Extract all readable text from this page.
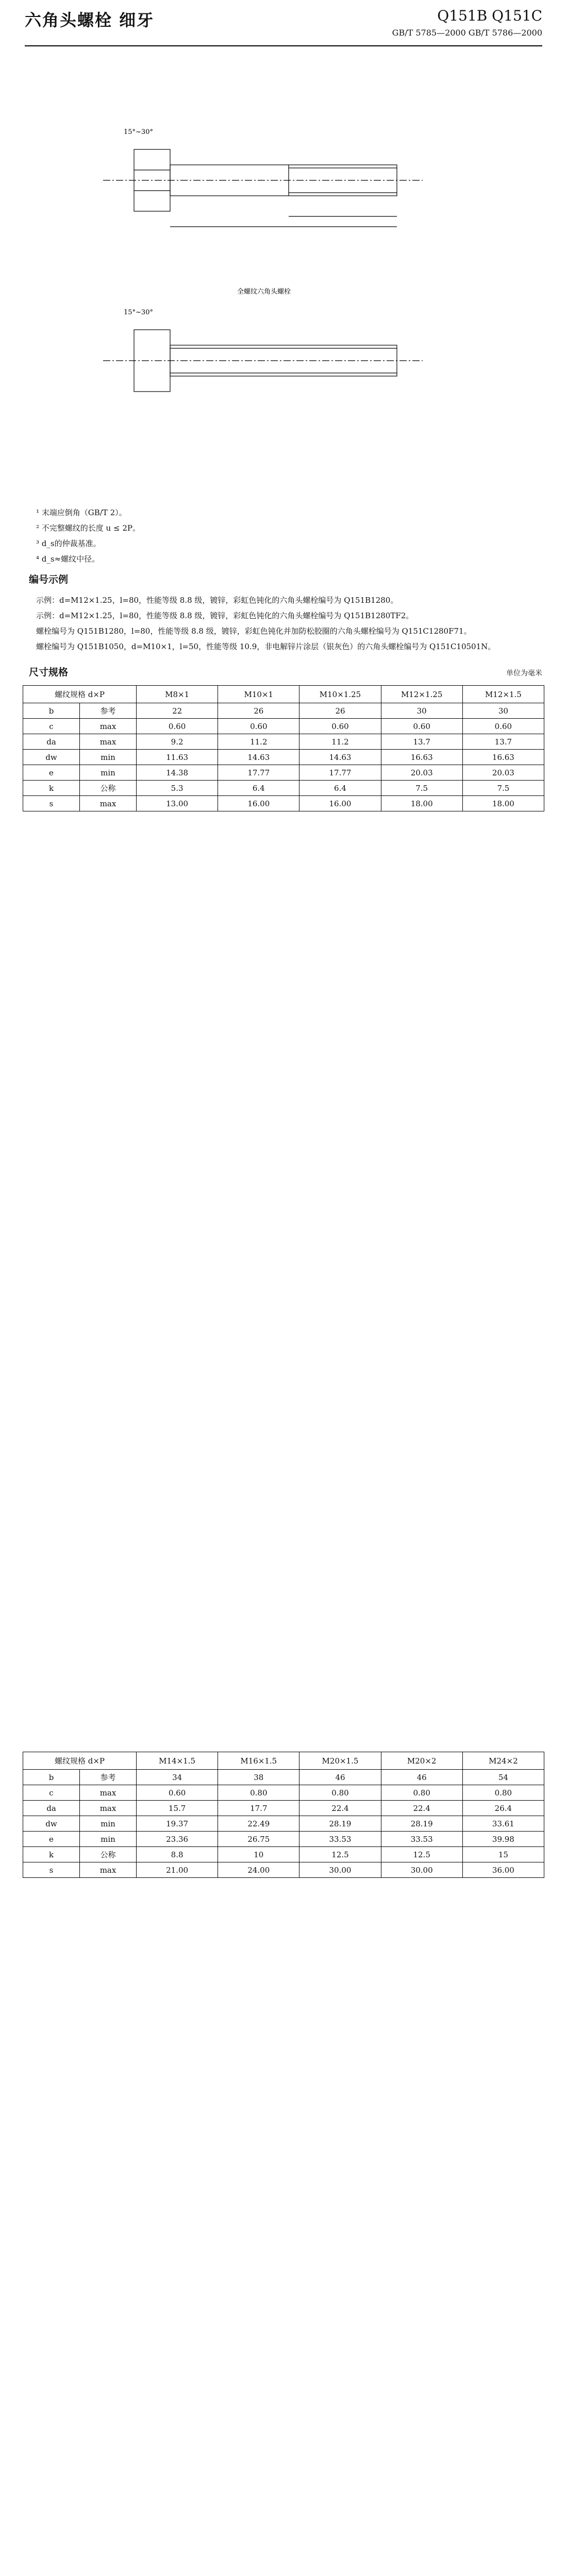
六角头螺栓 细牙	Q151B Q151C
GB/T 5785—2000 GB/T 5786—2000
15°~30°
15°~30°
全螺纹六角头螺栓
¹ 末端应倒角（GB/T 2）。
² 不完整螺纹的长度 u ≤ 2P。
³ d_s的仲裁基准。
⁴ d_s≈螺纹中径。
编号示例
示例：d=M12×1.25，l=80，性能等级 8.8 级，镀锌，彩虹色钝化的六角头螺栓编号为 Q151B1280。
示例：d=M12×1.25，l=80，性能等级 8.8 级，镀锌，彩虹色钝化的六角头螺栓编号为 Q151B1280TF2。
螺栓编号为 Q151B1280，l=80，性能等级 8.8 级，镀锌，彩虹色钝化并加防松胶圈的六角头螺栓编号为 Q151C1280F71。
螺栓编号为 Q151B1050，d=M10×1，l=50，性能等级 10.9，非电解锌片涂层（银灰色）的六角头螺栓编号为 Q151C10501N。
尺寸规格	单位为毫米
螺纹规格 d×P		M8×1	M10×1	M10×1.25	M12×1.25	M12×1.5
b	参考	22	26	26	30	30
c	max	0.60	0.60	0.60	0.60	0.60
da	max	9.2	11.2	11.2	13.7	13.7
dw	min	11.63	14.63	14.63	16.63	16.63
e	min	14.38	17.77	17.77	20.03	20.03
k	公称	5.3	6.4	6.4	7.5	7.5
s	max	13.00	16.00	16.00	18.00	18.00
螺纹规格 d×P		M14×1.5	M16×1.5	M20×1.5	M20×2	M24×2
b	参考	34	38	46	46	54
c	max	0.60	0.80	0.80	0.80	0.80
da	max	15.7	17.7	22.4	22.4	26.4
dw	min	19.37	22.49	28.19	28.19	33.61
e	min	23.36	26.75	33.53	33.53	39.98
k	公称	8.8	10	12.5	12.5	15
s	max	21.00	24.00	30.00	30.00	36.00
